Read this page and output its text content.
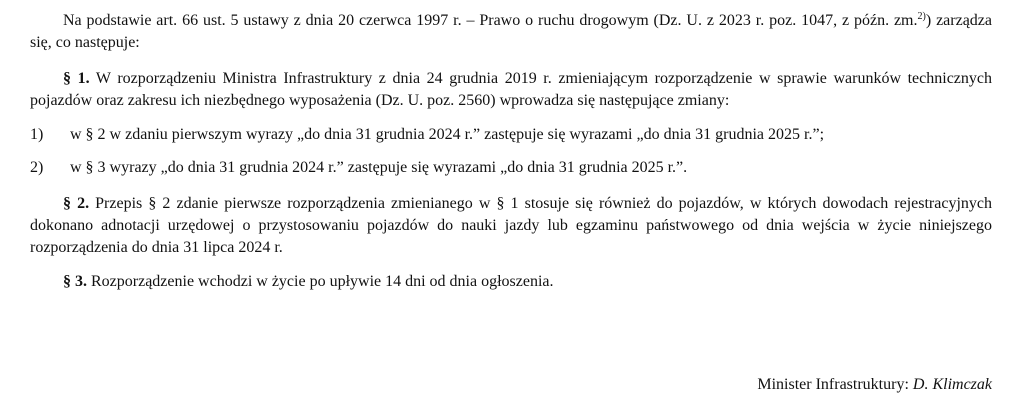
Na podstawie art. 66 ust. 5 ustawy z dnia 20 czerwca 1997 r. – Prawo o ruchu drogowym (Dz. U. z 2023 r. poz. 1047, z późn. zm.$^{2)}$) zarządza się, co następuje:

§ 1. W rozporządzeniu Ministra Infrastruktury z dnia 24 grudnia 2019 r. zmieniającym rozporządzenie w sprawie warunków technicznych pojazdów oraz zakresu ich niezbędnego wyposażenia (Dz. U. poz. 2560) wprowadza się następujące zmiany:

1)	w § 2 w zdaniu pierwszym wyrazy „do dnia 31 grudnia 2024 r.” zastępuje się wyrazami „do dnia 31 grudnia 2025 r.”;
2)	w § 3 wyrazy „do dnia 31 grudnia 2024 r.” zastępuje się wyrazami „do dnia 31 grudnia 2025 r.”.

§ 2. Przepis § 2 zdanie pierwsze rozporządzenia zmienianego w § 1 stosuje się również do pojazdów, w których dowodach rejestracyjnych dokonano adnotacji urzędowej o przystosowaniu pojazdów do nauki jazdy lub egzaminu państwowego od dnia wejścia w życie niniejszego rozporządzenia do dnia 31 lipca 2024 r.

§ 3. Rozporządzenie wchodzi w życie po upływie 14 dni od dnia ogłoszenia.

Minister Infrastruktury: D. Klimczak
